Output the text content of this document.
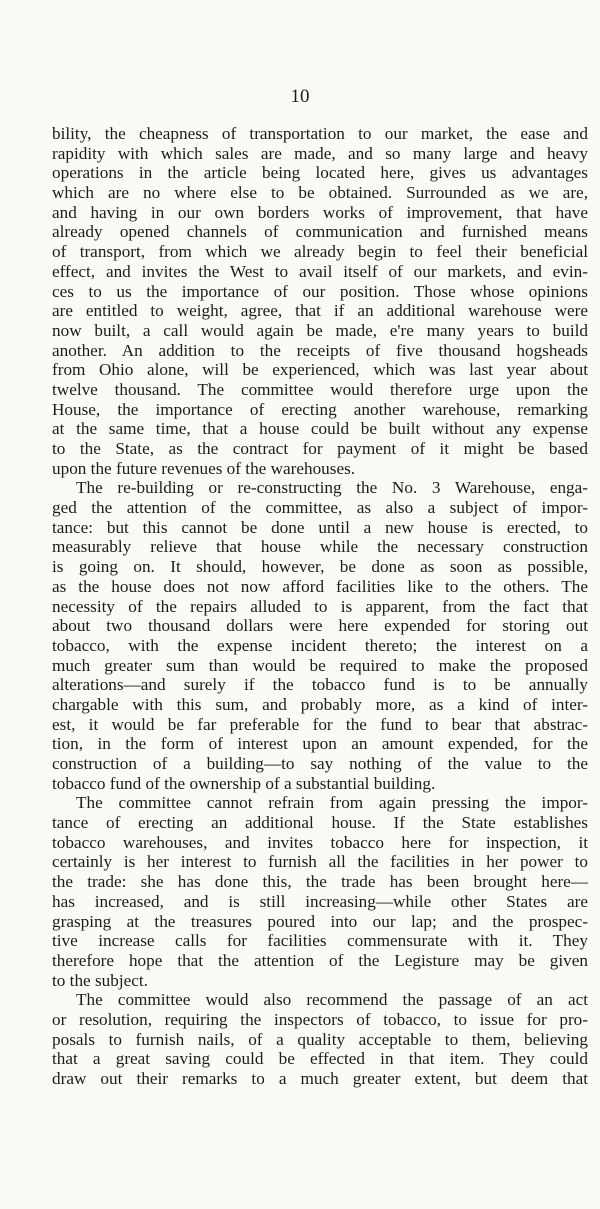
10
bility, the cheapness of transportation to our market, the ease and
rapidity with which sales are made, and so many large and heavy
operations in the article being located here, gives us advantages
which are no where else to be obtained. Surrounded as we are,
and having in our own borders works of improvement, that have
already opened channels of communication and furnished means
of transport, from which we already begin to feel their beneficial
effect, and invites the West to avail itself of our markets, and evin-
ces to us the importance of our position. Those whose opinions
are entitled to weight, agree, that if an additional warehouse were
now built, a call would again be made, e're many years to build
another. An addition to the receipts of five thousand hogsheads
from Ohio alone, will be experienced, which was last year about
twelve thousand. The committee would therefore urge upon the
House, the importance of erecting another warehouse, remarking
at the same time, that a house could be built without any expense
to the State, as the contract for payment of it might be based
upon the future revenues of the warehouses.
The re-building or re-constructing the No. 3 Warehouse, enga-
ged the attention of the committee, as also a subject of impor-
tance: but this cannot be done until a new house is erected, to
measurably relieve that house while the necessary construction
is going on. It should, however, be done as soon as possible,
as the house does not now afford facilities like to the others. The
necessity of the repairs alluded to is apparent, from the fact that
about two thousand dollars were here expended for storing out
tobacco, with the expense incident thereto; the interest on a
much greater sum than would be required to make the proposed
alterations—and surely if the tobacco fund is to be annually
chargable with this sum, and probably more, as a kind of inter-
est, it would be far preferable for the fund to bear that abstrac-
tion, in the form of interest upon an amount expended, for the
construction of a building—to say nothing of the value to the
tobacco fund of the ownership of a substantial building.
The committee cannot refrain from again pressing the impor-
tance of erecting an additional house. If the State establishes
tobacco warehouses, and invites tobacco here for inspection, it
certainly is her interest to furnish all the facilities in her power to
the trade: she has done this, the trade has been brought here—
has increased, and is still increasing—while other States are
grasping at the treasures poured into our lap; and the prospec-
tive increase calls for facilities commensurate with it. They
therefore hope that the attention of the Legisture may be given
to the subject.
The committee would also recommend the passage of an act
or resolution, requiring the inspectors of tobacco, to issue for pro-
posals to furnish nails, of a quality acceptable to them, believing
that a great saving could be effected in that item. They could
draw out their remarks to a much greater extent, but deem that
